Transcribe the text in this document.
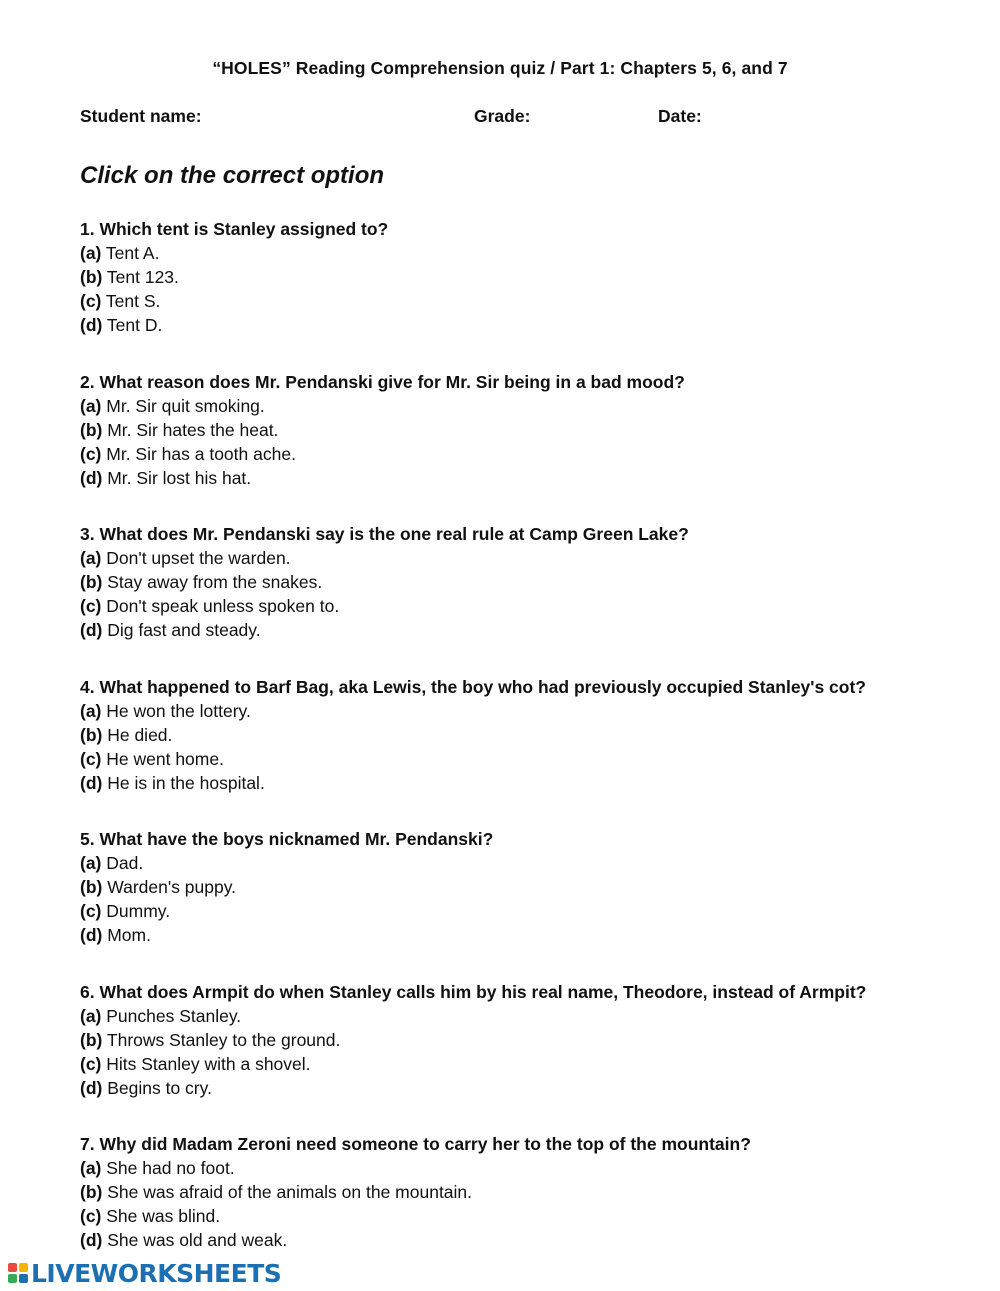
“HOLES” Reading Comprehension quiz / Part 1: Chapters 5, 6, and 7
Student name:	Grade:	Date:
Click on the correct option
1. Which tent is Stanley assigned to?
(a) Tent A.
(b) Tent 123.
(c) Tent S.
(d) Tent D.
2. What reason does Mr. Pendanski give for Mr. Sir being in a bad mood?
(a) Mr. Sir quit smoking.
(b) Mr. Sir hates the heat.
(c) Mr. Sir has a tooth ache.
(d) Mr. Sir lost his hat.
3. What does Mr. Pendanski say is the one real rule at Camp Green Lake?
(a) Don't upset the warden.
(b) Stay away from the snakes.
(c) Don't speak unless spoken to.
(d) Dig fast and steady.
4. What happened to Barf Bag, aka Lewis, the boy who had previously occupied Stanley's cot?
(a) He won the lottery.
(b) He died.
(c) He went home.
(d) He is in the hospital.
5. What have the boys nicknamed Mr. Pendanski?
(a) Dad.
(b) Warden's puppy.
(c) Dummy.
(d) Mom.
6. What does Armpit do when Stanley calls him by his real name, Theodore, instead of Armpit?
(a) Punches Stanley.
(b) Throws Stanley to the ground.
(c) Hits Stanley with a shovel.
(d) Begins to cry.
7. Why did Madam Zeroni need someone to carry her to the top of the mountain?
(a) She had no foot.
(b) She was afraid of the animals on the mountain.
(c) She was blind.
(d) She was old and weak.
LIVEWORKSHEETS
